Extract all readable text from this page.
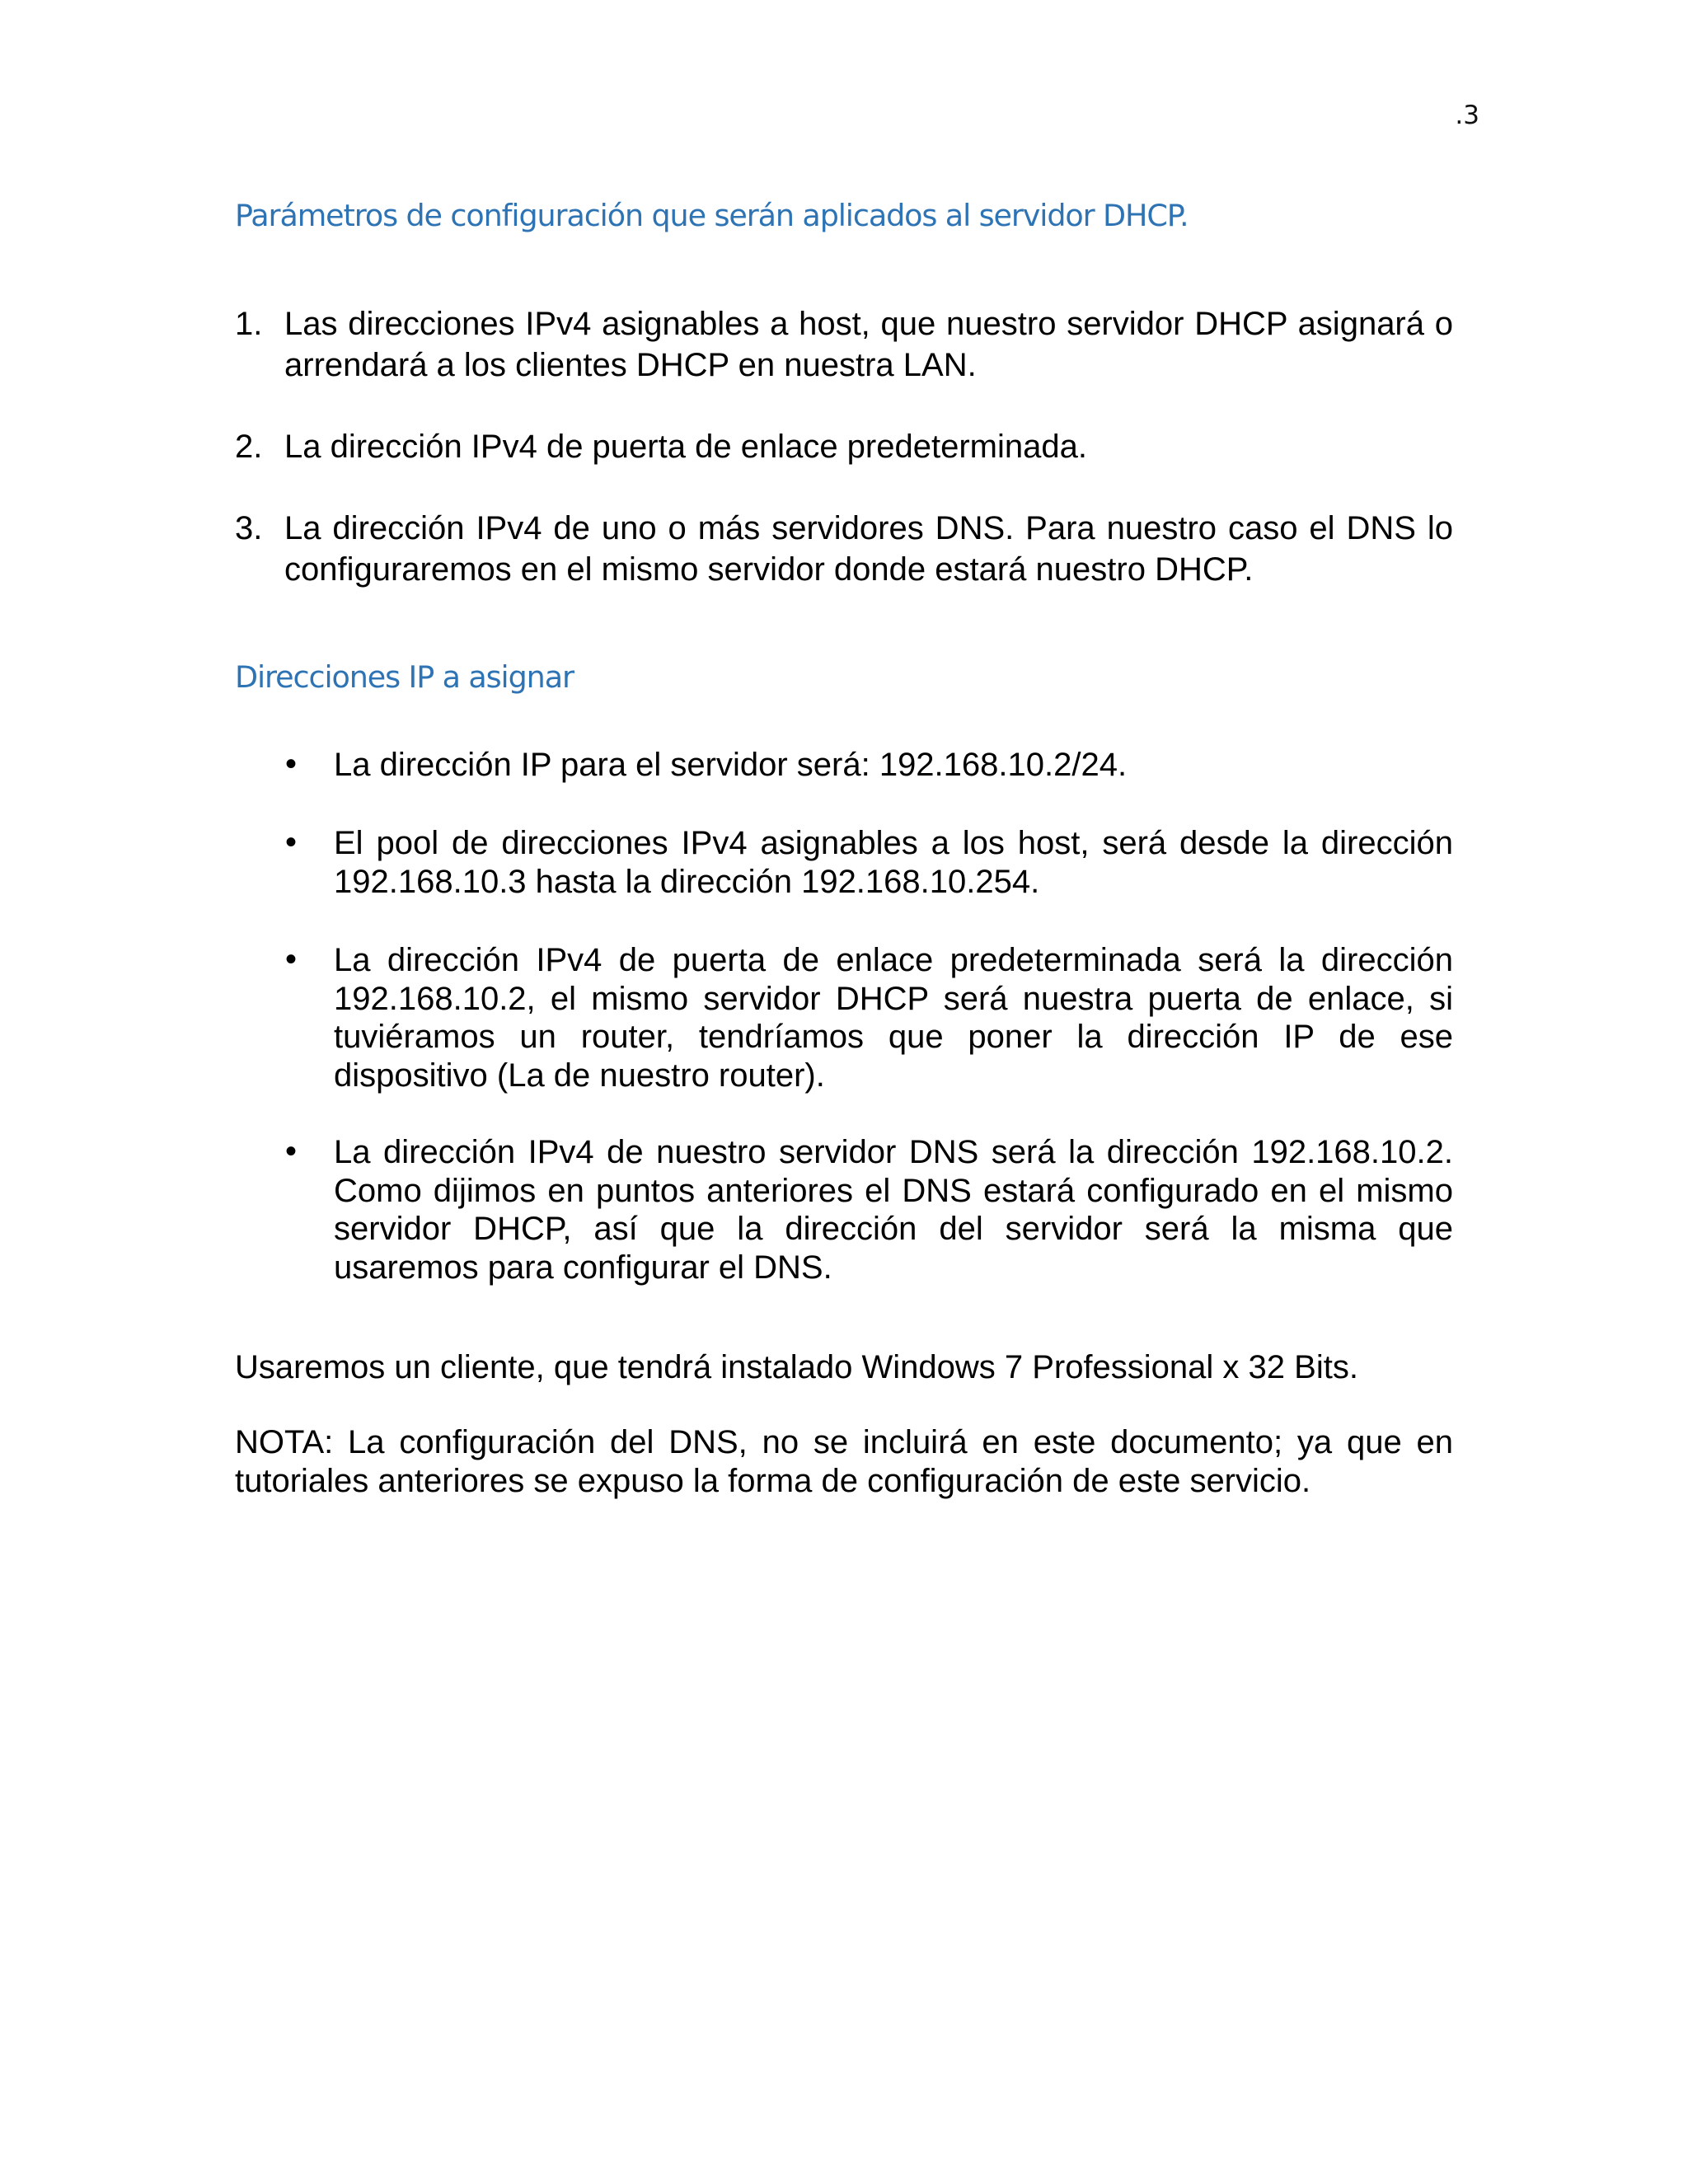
.3
Parámetros de configuración que serán aplicados al servidor DHCP.
1. Las direcciones IPv4 asignables a host, que nuestro servidor DHCP asignará o arrendará a los clientes DHCP en nuestra LAN.
2. La dirección IPv4 de puerta de enlace predeterminada.
3. La dirección IPv4 de uno o más servidores DNS. Para nuestro caso el DNS lo configuraremos en el mismo servidor donde estará nuestro DHCP.
Direcciones IP a asignar
• La dirección IP para el servidor será: 192.168.10.2/24.
• El pool de direcciones IPv4 asignables a los host, será desde la dirección 192.168.10.3 hasta la dirección 192.168.10.254.
• La dirección IPv4 de puerta de enlace predeterminada será la dirección 192.168.10.2, el mismo servidor DHCP será nuestra puerta de enlace, si tuviéramos un router, tendríamos que poner la dirección IP de ese dispositivo (La de nuestro router).
• La dirección IPv4 de nuestro servidor DNS será la dirección 192.168.10.2. Como dijimos en puntos anteriores el DNS estará configurado en el mismo servidor DHCP, así que la dirección del servidor será la misma que usaremos para configurar el DNS.
Usaremos un cliente, que tendrá instalado Windows 7 Professional x 32 Bits.
NOTA: La configuración del DNS, no se incluirá en este documento; ya que en tutoriales anteriores se expuso la forma de configuración de este servicio.
